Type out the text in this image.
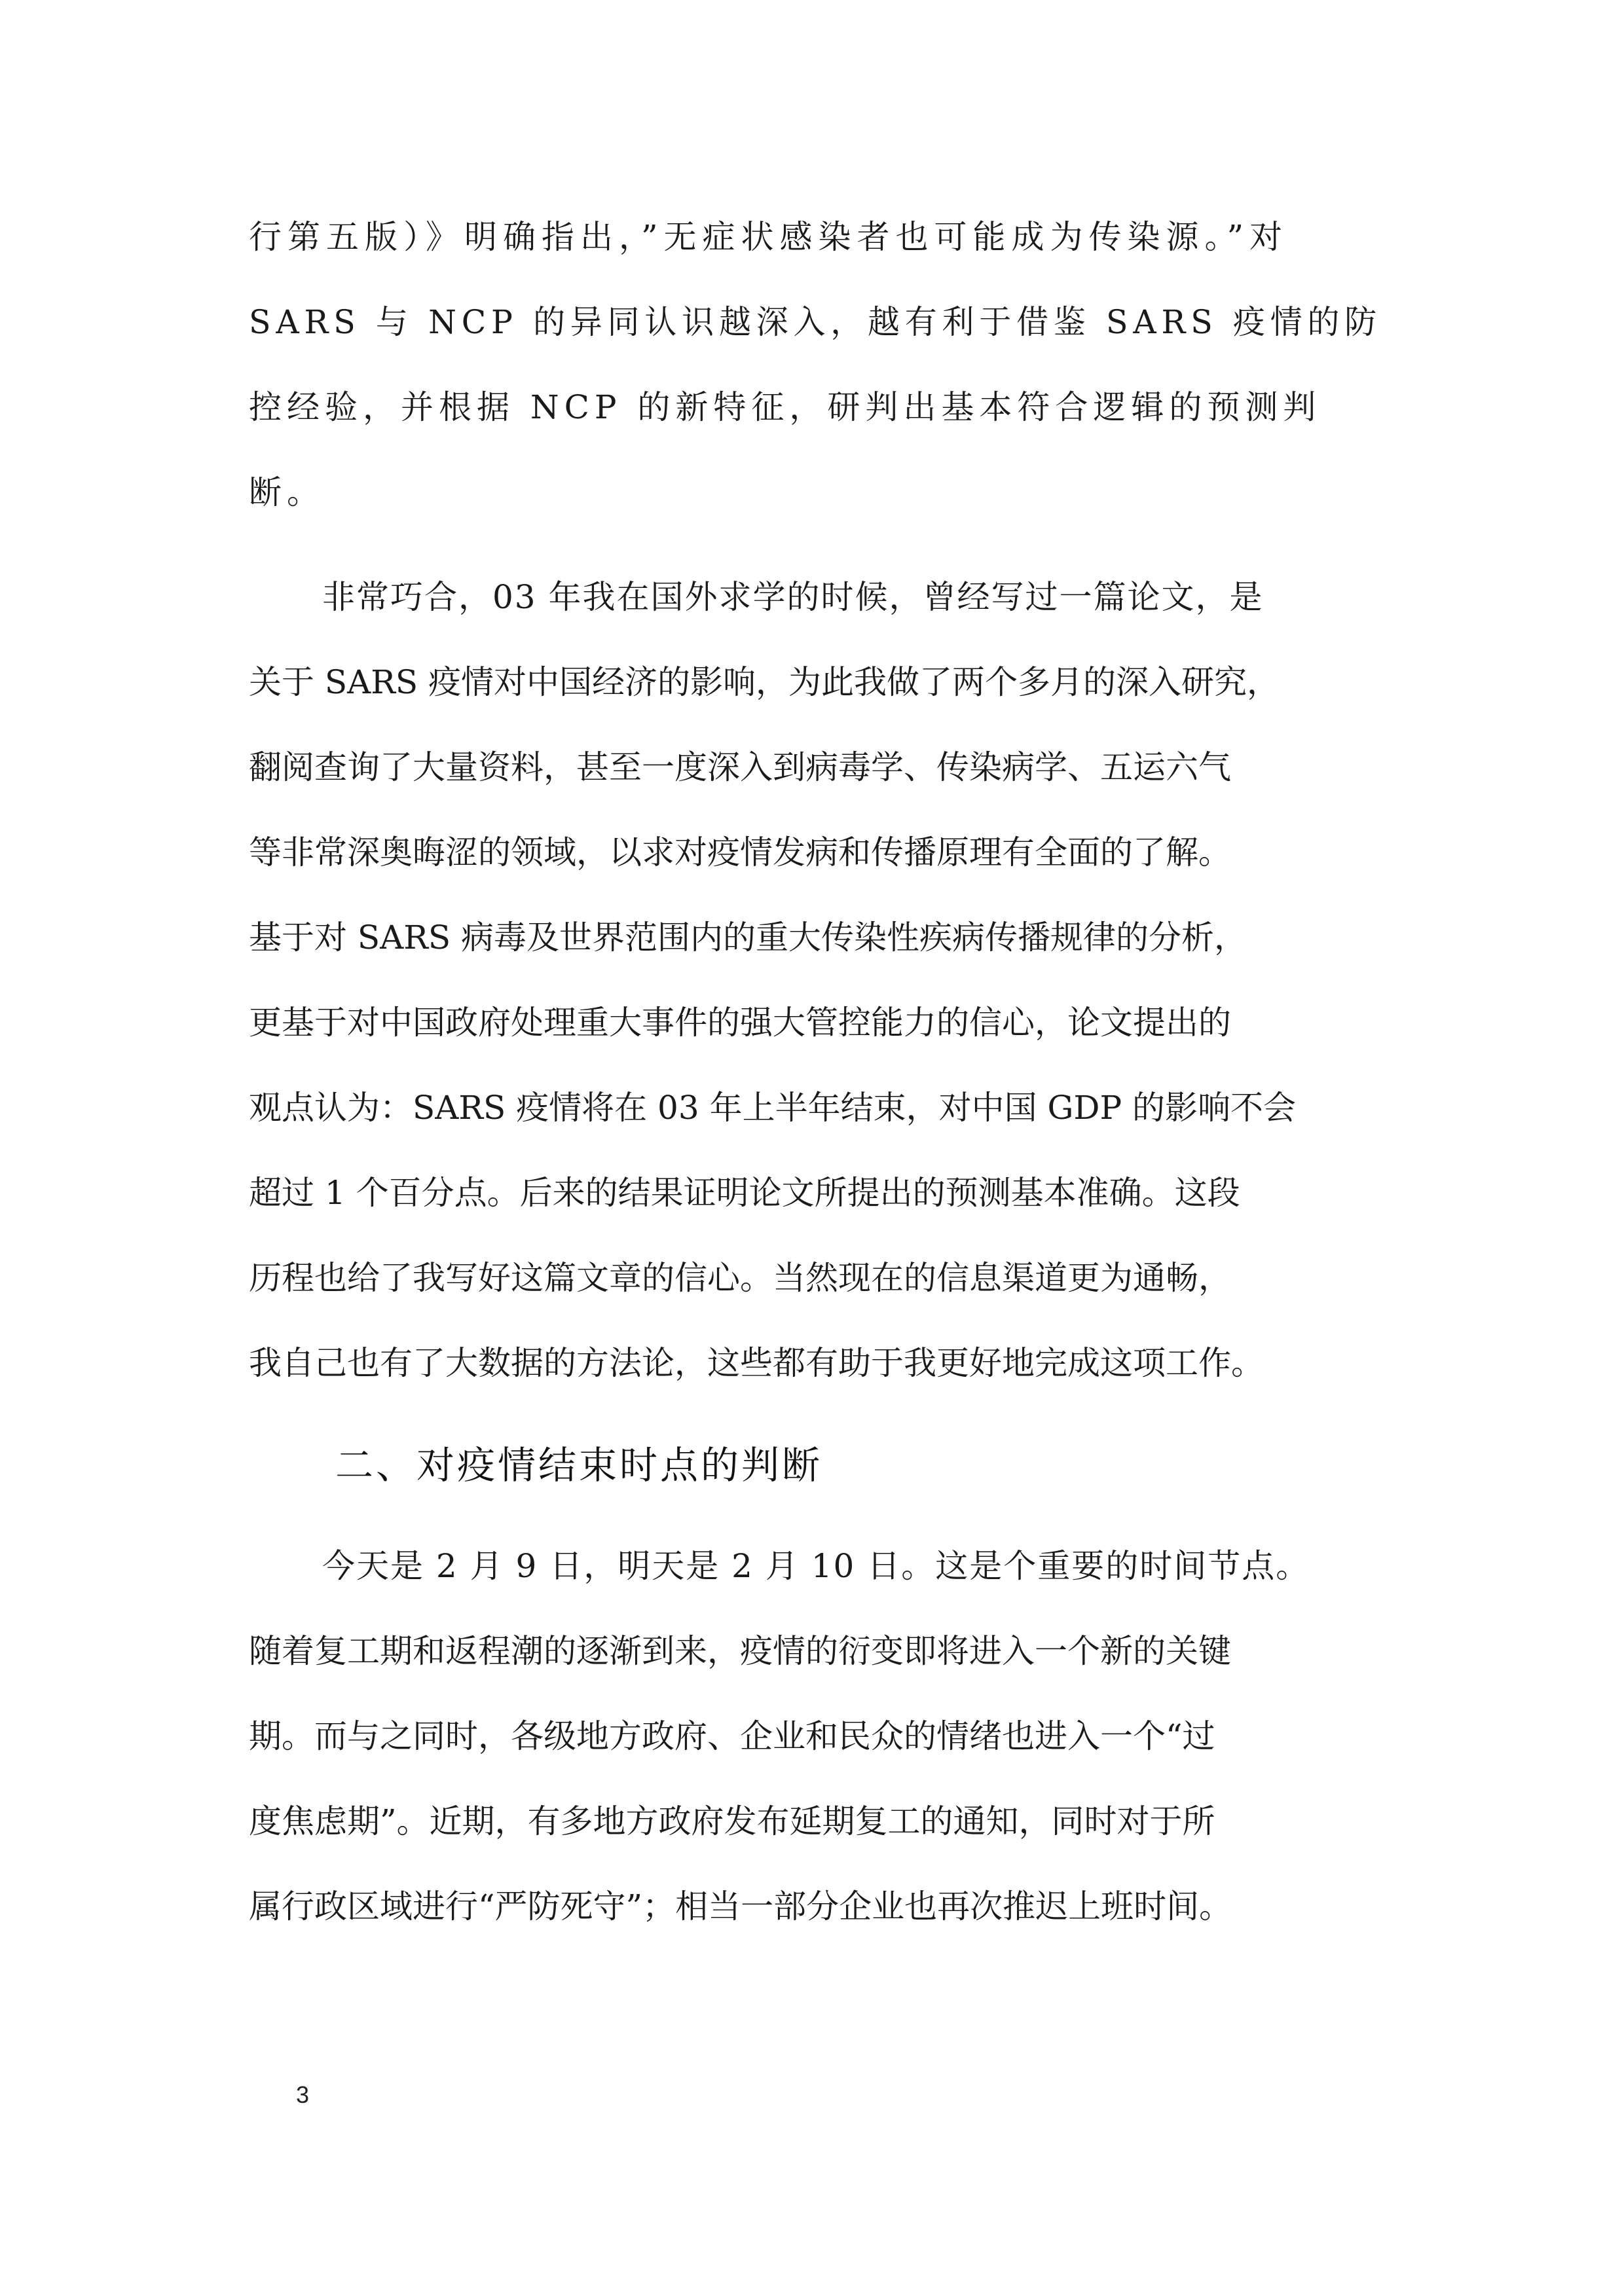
行第五版）》明确指出，”无症状感染者也可能成为传染源。”对
SARS 与 NCP 的异同认识越深入，越有利于借鉴 SARS 疫情的防
控经验，并根据 NCP 的新特征，研判出基本符合逻辑的预测判
断。
非常巧合，03 年我在国外求学的时候，曾经写过一篇论文，是
关于 SARS 疫情对中国经济的影响，为此我做了两个多月的深入研究，
翻阅查询了大量资料，甚至一度深入到病毒学、传染病学、五运六气
等非常深奥晦涩的领域，以求对疫情发病和传播原理有全面的了解。
基于对 SARS 病毒及世界范围内的重大传染性疾病传播规律的分析，
更基于对中国政府处理重大事件的强大管控能力的信心，论文提出的
观点认为：SARS 疫情将在 03 年上半年结束，对中国 GDP 的影响不会
超过 1 个百分点。后来的结果证明论文所提出的预测基本准确。这段
历程也给了我写好这篇文章的信心。当然现在的信息渠道更为通畅，
我自己也有了大数据的方法论，这些都有助于我更好地完成这项工作。
二、对疫情结束时点的判断
今天是 2 月 9 日，明天是 2 月 10 日。这是个重要的时间节点。
随着复工期和返程潮的逐渐到来，疫情的衍变即将进入一个新的关键
期。而与之同时，各级地方政府、企业和民众的情绪也进入一个“过
度焦虑期”。近期，有多地方政府发布延期复工的通知，同时对于所
属行政区域进行“严防死守”；相当一部分企业也再次推迟上班时间。
3
